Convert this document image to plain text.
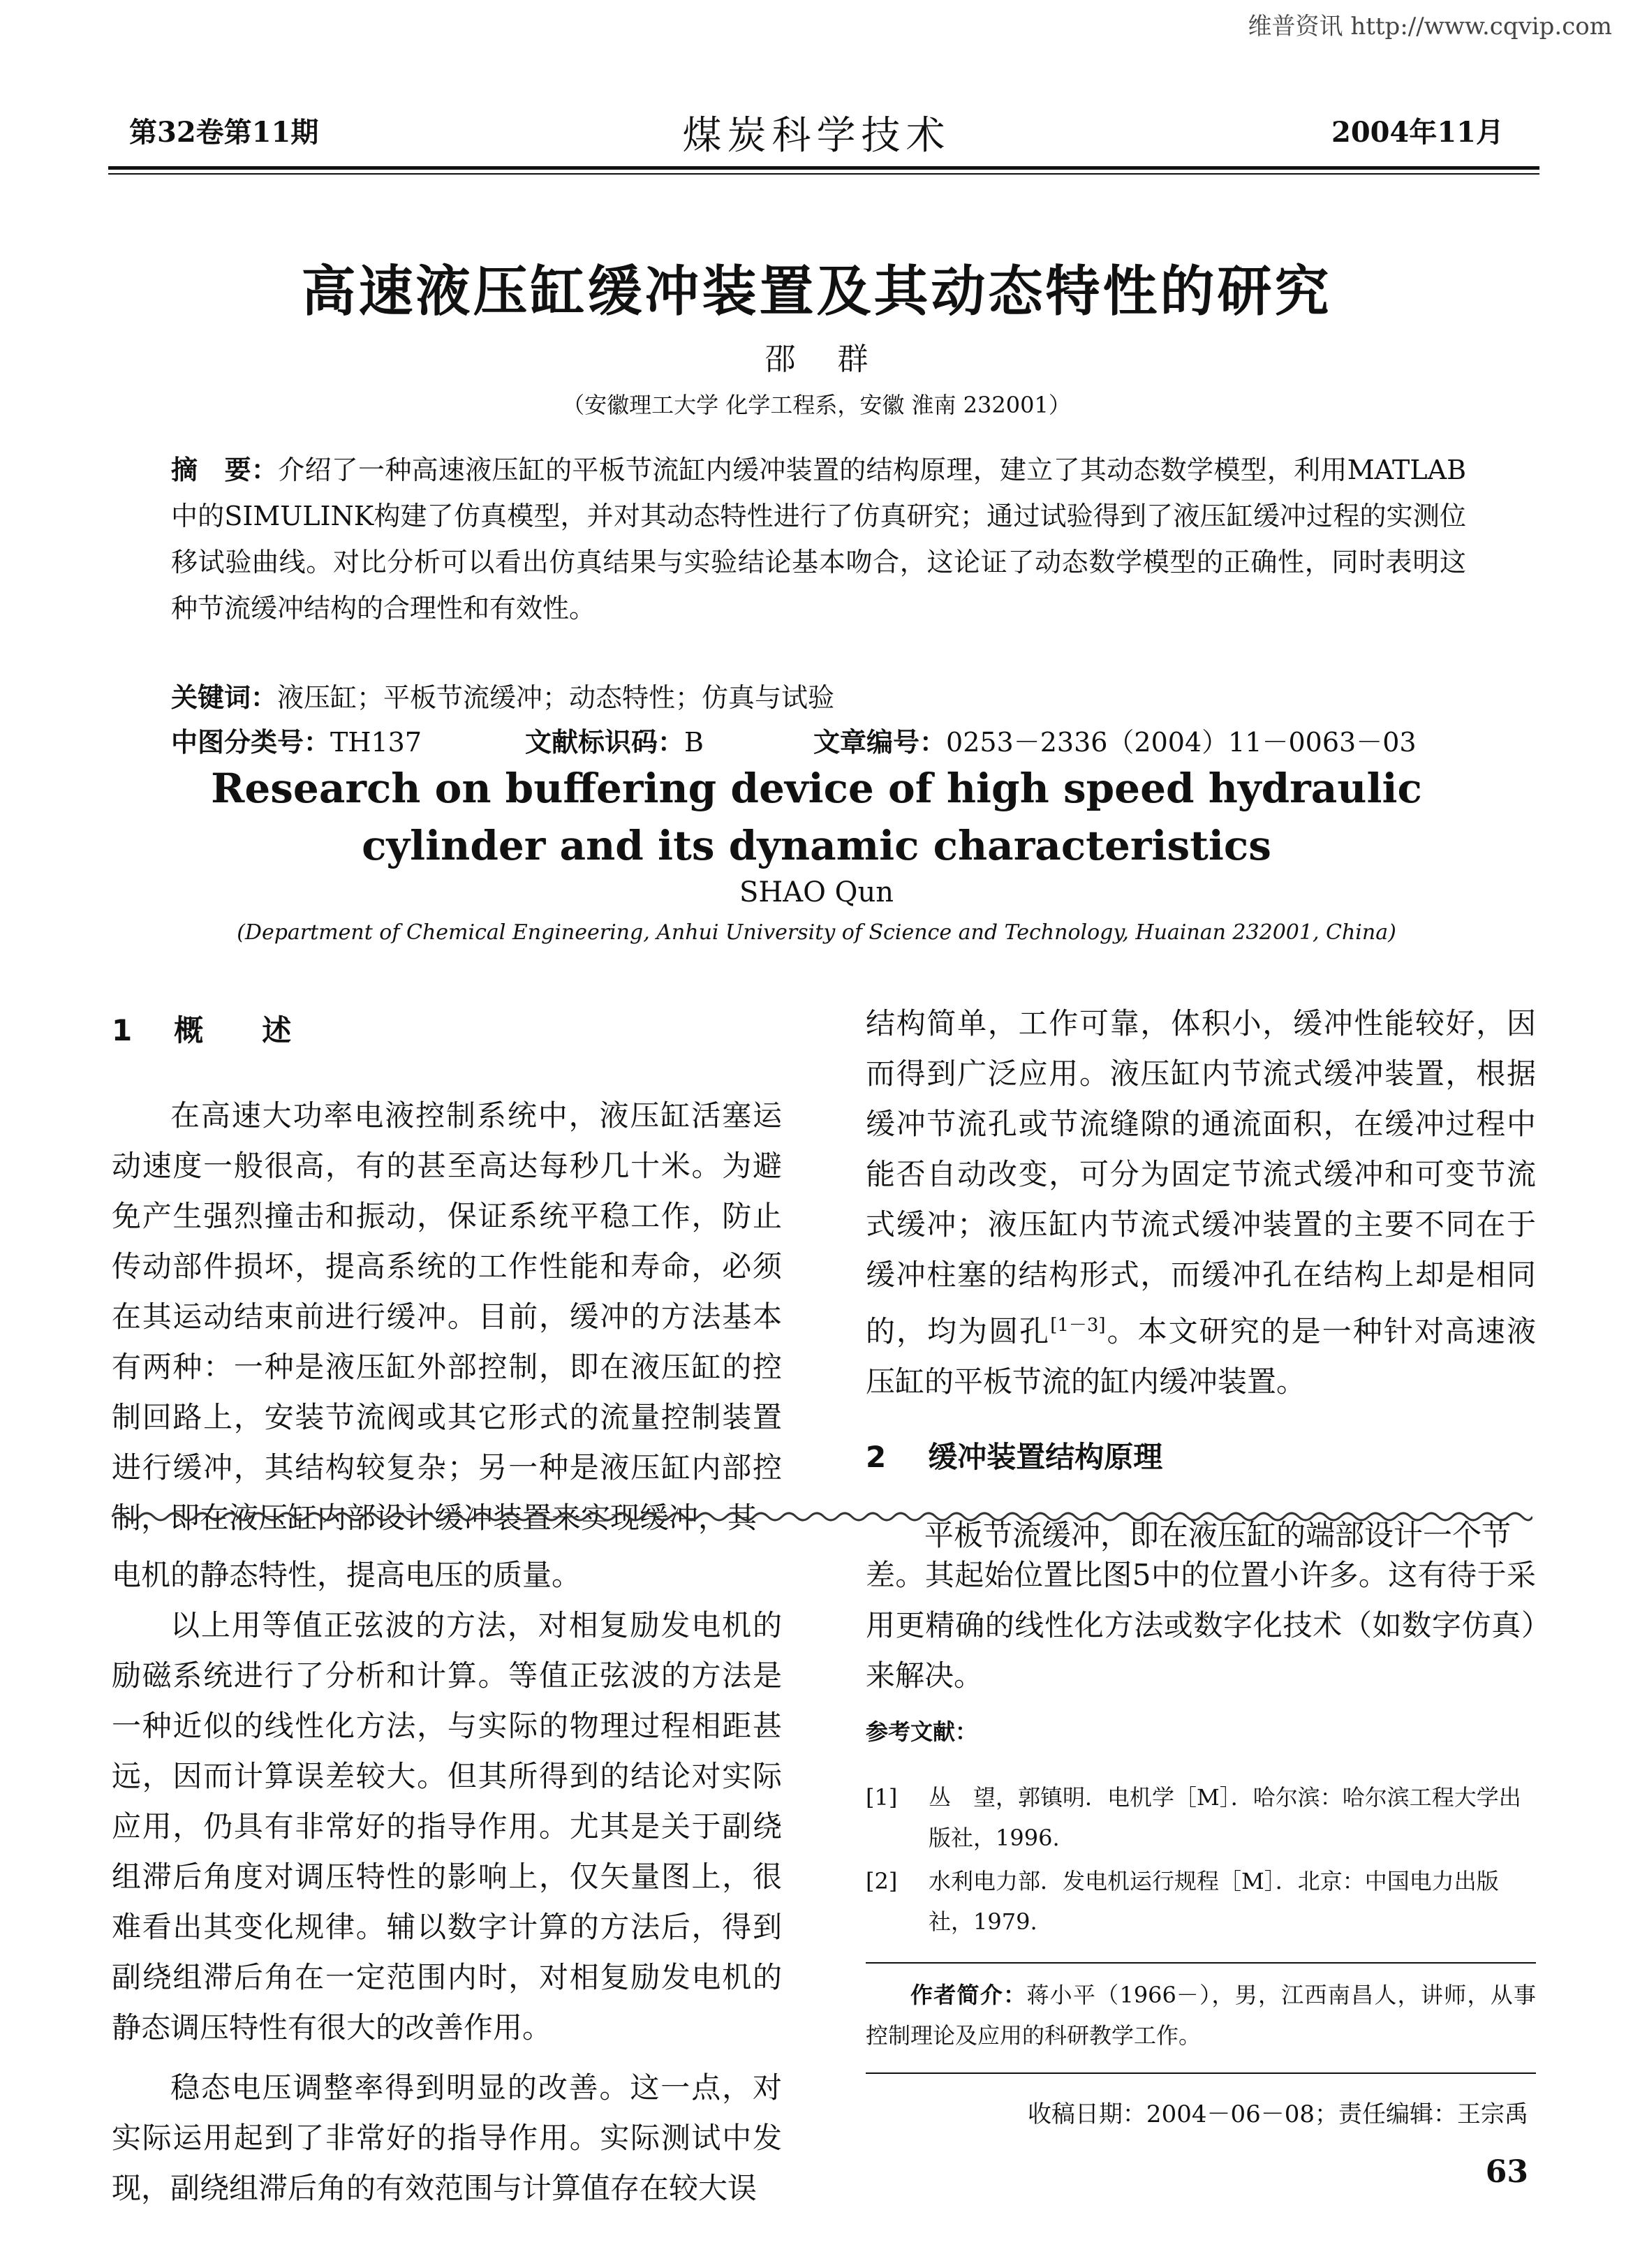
维普资讯 http://www.cqvip.com
第32卷第11期	煤炭科学技术	2004年11月
高速液压缸缓冲装置及其动态特性的研究
邵群
（安徽理工大学 化学工程系，安徽 淮南 232001）
摘　要：介绍了一种高速液压缸的平板节流缸内缓冲装置的结构原理，建立了其动态数学模型，利用MATLAB中的SIMULINK构建了仿真模型，并对其动态特性进行了仿真研究；通过试验得到了液压缸缓冲过程的实测位移试验曲线。对比分析可以看出仿真结果与实验结论基本吻合，这论证了动态数学模型的正确性，同时表明这种节流缓冲结构的合理性和有效性。
关键词：液压缸；平板节流缓冲；动态特性；仿真与试验
中图分类号：TH137	文献标识码：B	文章编号：0253－2336（2004）11－0063－03
Research on buffering device of high speed hydraulic
cylinder and its dynamic characteristics
SHAO Qun
(Department of Chemical Engineering, Anhui University of Science and Technology, Huainan 232001, China)
1 概　　述

在高速大功率电液控制系统中，液压缸活塞运动速度一般很高，有的甚至高达每秒几十米。为避免产生强烈撞击和振动，保证系统平稳工作，防止传动部件损坏，提高系统的工作性能和寿命，必须在其运动结束前进行缓冲。目前，缓冲的方法基本有两种：一种是液压缸外部控制，即在液压缸的控制回路上，安装节流阀或其它形式的流量控制装置进行缓冲，其结构较复杂；另一种是液压缸内部控制，即在液压缸内部设计缓冲装置来实现缓冲，其

结构简单，工作可靠，体积小，缓冲性能较好，因而得到广泛应用。液压缸内节流式缓冲装置，根据缓冲节流孔或节流缝隙的通流面积，在缓冲过程中能否自动改变，可分为固定节流式缓冲和可变节流式缓冲；液压缸内节流式缓冲装置的主要不同在于缓冲柱塞的结构形式，而缓冲孔在结构上却是相同的，均为圆孔[1－3]。本文研究的是一种针对高速液压缸的平板节流的缸内缓冲装置。

2 缓冲装置结构原理

平板节流缓冲，即在液压缸的端部设计一个节

电机的静态特性，提高电压的质量。

以上用等值正弦波的方法，对相复励发电机的励磁系统进行了分析和计算。等值正弦波的方法是一种近似的线性化方法，与实际的物理过程相距甚远，因而计算误差较大。但其所得到的结论对实际应用，仍具有非常好的指导作用。尤其是关于副绕组滞后角度对调压特性的影响上，仅矢量图上，很难看出其变化规律。辅以数字计算的方法后，得到副绕组滞后角在一定范围内时，对相复励发电机的静态调压特性有很大的改善作用。

稳态电压调整率得到明显的改善。这一点，对实际运用起到了非常好的指导作用。实际测试中发现，副绕组滞后角的有效范围与计算值存在较大误

差。其起始位置比图5中的位置小许多。这有待于采用更精确的线性化方法或数字化技术（如数字仿真）来解决。

参考文献：
[1]	丛　望，郭镇明．电机学［M］．哈尔滨：哈尔滨工程大学出版社，1996.
[2]	水利电力部．发电机运行规程［M］．北京：中国电力出版社，1979.
作者简介：蒋小平（1966－），男，江西南昌人，讲师，从事控制理论及应用的科研教学工作。
收稿日期：2004－06－08；责任编辑：王宗禹
63
